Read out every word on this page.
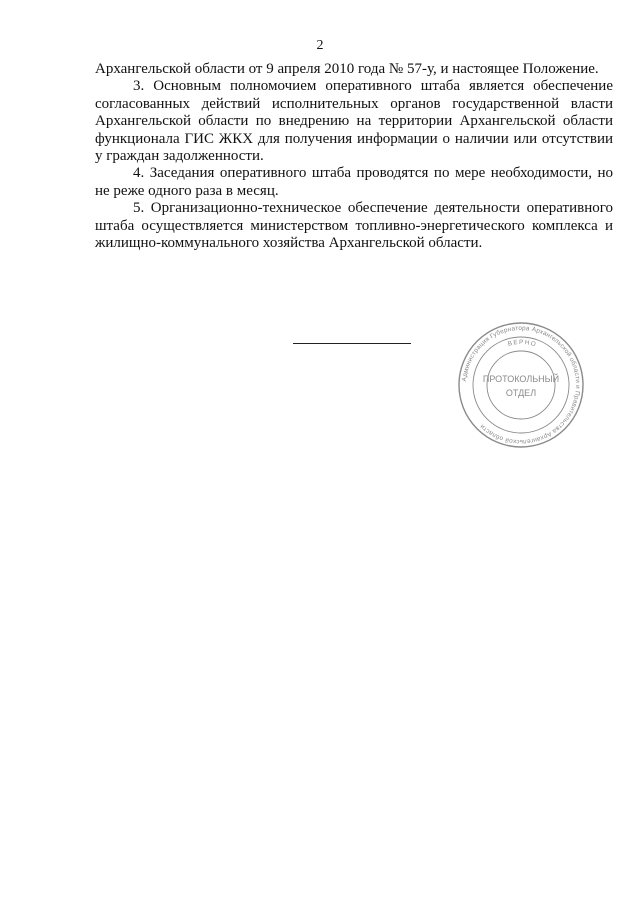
2

Архангельской области от 9 апреля 2010 года № 57-у, и настоящее Положение.

3. Основным полномочием оперативного штаба является обеспечение согласованных действий исполнительных органов государственной власти Архангельской области по внедрению на территории Архангельской области функционала ГИС ЖКХ для получения информации о наличии или отсутствии у граждан задолженности.

4. Заседания оперативного штаба проводятся по мере необходимости, но не реже одного раза в месяц.

5. Организационно-техническое обеспечение деятельности оперативного штаба осуществляется министерством топливно-энергетического комплекса и жилищно-коммунального хозяйства Архангельской области.

Администрация Губернатора Архангельской области и Правительства Архангельской области
ВЕРНО
ПРОТОКОЛЬНЫЙ
ОТДЕЛ
